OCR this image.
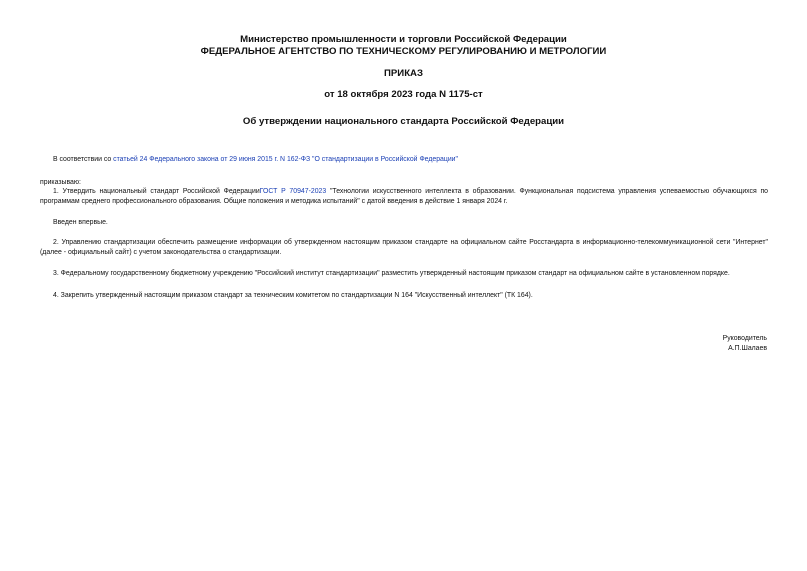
Министерство промышленности и торговли Российской Федерации
ФЕДЕРАЛЬНОЕ АГЕНТСТВО ПО ТЕХНИЧЕСКОМУ РЕГУЛИРОВАНИЮ И МЕТРОЛОГИИ
ПРИКАЗ
от 18 октября 2023 года N 1175-ст
Об утверждении национального стандарта Российской Федерации
В соответствии со статьей 24 Федерального закона от 29 июня 2015 г. N 162-ФЗ "О стандартизации в Российской Федерации"
приказываю:
1. Утвердить национальный стандарт Российской ФедерацииГОСТ Р 70947-2023 "Технологии искусственного интеллекта в образовании. Функциональная подсистема управления успеваемостью обучающихся по программам среднего профессионального образования. Общие положения и методика испытаний" с датой введения в действие 1 января 2024 г.
Введен впервые.
2. Управлению стандартизации обеспечить размещение информации об утвержденном настоящим приказом стандарте на официальном сайте Росстандарта в информационно-телекоммуникационной сети "Интернет" (далее - официальный сайт) с учетом законодательства о стандартизации.
3. Федеральному государственному бюджетному учреждению "Российский институт стандартизации" разместить утвержденный настоящим приказом стандарт на официальном сайте в установленном порядке.
4. Закрепить утвержденный настоящим приказом стандарт за техническим комитетом по стандартизации N 164 "Искусственный интеллект" (ТК 164).
Руководитель
А.П.Шалаев
